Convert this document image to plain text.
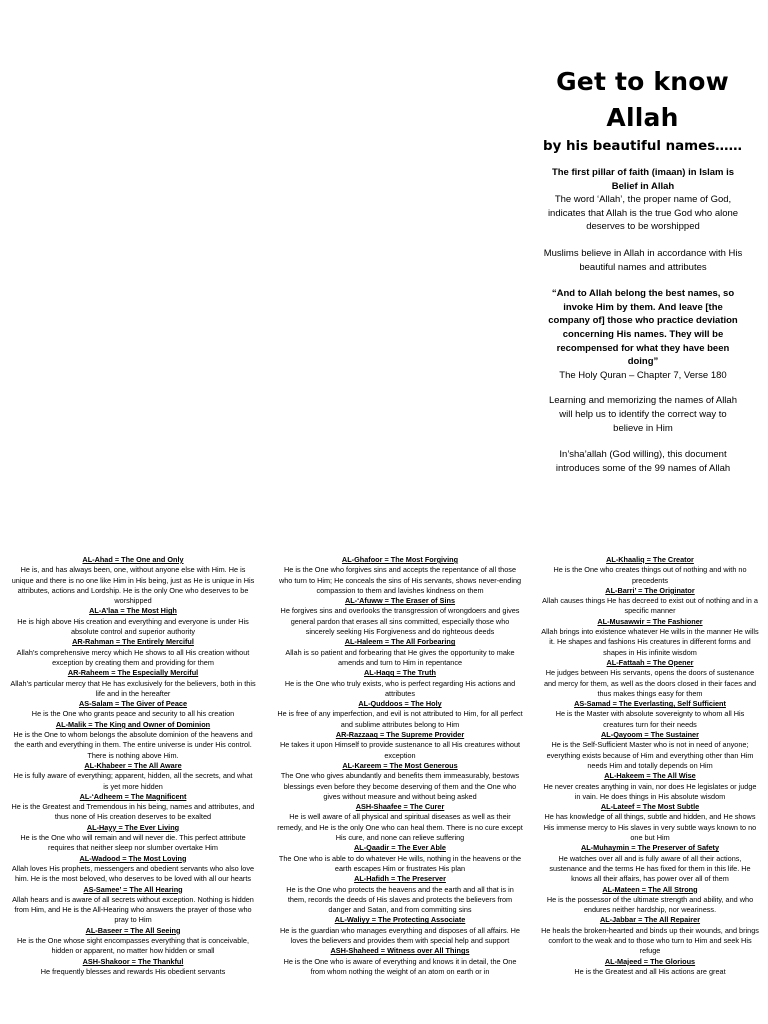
Get to know
Allah
by his beautiful names……

The first pillar of faith (imaan) in Islam is Belief in Allah
The word ‘Allah’, the proper name of God, indicates that Allah is the true God who alone deserves to be worshipped

Muslims believe in Allah in accordance with His beautiful names and attributes

“And to Allah belong the best names, so invoke Him by them. And leave [the company of] those who practice deviation concerning His names. They will be recompensed for what they have been doing”
The Holy Quran – Chapter 7, Verse 180

Learning and memorizing the names of Allah will help us to identify the correct way to believe in Him

In’sha’allah (God willing), this document introduces some of the 99 names of Allah

AL-Ahad = The One and Only
He is, and has always been, one, without anyone else with Him. He is unique and there is no one like Him in His being, just as He is unique in His attributes, actions and Lordship. He is the only One who deserves to be worshipped
AL-A’laa = The Most High
He is high above His creation and everything and everyone is under His absolute control and superior authority
AR-Rahman = The Entirely Merciful
Allah’s comprehensive mercy which He shows to all His creation without exception by creating them and providing for them
AR-Raheem = The Especially Merciful
Allah’s particular mercy that He has exclusively for the believers, both in this life and in the hereafter
AS-Salam = The Giver of Peace
He is the One who grants peace and security to all his creation
AL-Malik = The King and Owner of Dominion
He is the One to whom belongs the absolute dominion of the heavens and the earth and everything in them. The entire universe is under His control. There is nothing above Him.
AL-Khabeer = The All Aware
He is fully aware of everything; apparent, hidden, all the secrets, and what is yet more hidden
AL-‘Adheem = The Magnificent
He is the Greatest and Tremendous in his being, names and attributes, and thus none of His creation deserves to be exalted
AL-Hayy = The Ever Living
He is the One who will remain and will never die. This perfect attribute requires that neither sleep nor slumber overtake Him
AL-Wadood = The Most Loving
Allah loves His prophets, messengers and obedient servants who also love him. He is the most beloved, who deserves to be loved with all our hearts
AS-Samee’ = The All Hearing
Allah hears and is aware of all secrets without exception. Nothing is hidden from Him, and He is the All-Hearing who answers the prayer of those who pray to Him
AL-Baseer = The All Seeing
He is the One whose sight encompasses everything that is conceivable, hidden or apparent, no matter how hidden or small
ASH-Shakoor = The Thankful
He frequently blesses and rewards His obedient servants
AL-Ghafoor = The Most Forgiving
He is the One who forgives sins and accepts the repentance of all those who turn to Him; He conceals the sins of His servants, shows never-ending compassion to them and lavishes kindness on them
AL-‘Afuww = The Eraser of Sins
He forgives sins and overlooks the transgression of wrongdoers and gives general pardon that erases all sins committed, especially those who sincerely seeking His Forgiveness and do righteous deeds
AL-Haleem = The All Forbearing
Allah is so patient and forbearing that He gives the opportunity to make amends and turn to Him in repentance
AL-Haqq = The Truth
He is the One who truly exists, who is perfect regarding His actions and attributes
AL-Quddoos = The Holy
He is free of any imperfection, and evil is not attributed to Him, for all perfect and sublime attributes belong to Him
AR-Razzaaq = The Supreme Provider
He takes it upon Himself to provide sustenance to all His creatures without exception
AL-Kareem = The Most Generous
The One who gives abundantly and benefits them immeasurably, bestows blessings even before they become deserving of them and the One who gives without measure and without being asked
ASH-Shaafee = The Curer
He is well aware of all physical and spiritual diseases as well as their remedy, and He is the only One who can heal them. There is no cure except His cure, and none can relieve suffering
AL-Qaadir = The Ever Able
The One who is able to do whatever He wills, nothing in the heavens or the earth escapes Him or frustrates His plan
AL-Hafidh = The Preserver
He is the One who protects the heavens and the earth and all that is in them, records the deeds of His slaves and protects the believers from danger and Satan, and from committing sins
AL-Waliyy = The Protecting Associate
He is the guardian who manages everything and disposes of all affairs. He loves the believers and provides them with special help and support
ASH-Shaheed = Witness over All Things
He is the One who is aware of everything and knows it in detail, the One from whom nothing the weight of an atom on earth or in
AL-Khaaliq = The Creator
He is the One who creates things out of nothing and with no precedents
AL-Barri’ = The Originator
Allah causes things He has decreed to exist out of nothing and in a specific manner
AL-Musawwir = The Fashioner
Allah brings into existence whatever He wills in the manner He wills it. He shapes and fashions His creatures in different forms and shapes in His infinite wisdom
AL-Fattaah = The Opener
He judges between His servants, opens the doors of sustenance and mercy for them, as well as the doors closed in their faces and thus makes things easy for them
AS-Samad = The Everlasting, Self Sufficient
He is the Master with absolute sovereignty to whom all His creatures turn for their needs
AL-Qayoom = The Sustainer
He is the Self-Sufficient Master who is not in need of anyone; everything exists because of Him and everything other than Him needs Him and totally depends on Him
AL-Hakeem = The All Wise
He never creates anything in vain, nor does He legislates or judge in vain. He does things in His absolute wisdom
AL-Lateef = The Most Subtle
He has knowledge of all things, subtle and hidden, and He shows His immense mercy to His slaves in very subtle ways known to no one but Him
AL-Muhaymin = The Preserver of Safety
He watches over all and is fully aware of all their actions, sustenance and the terms He has fixed for them in this life. He knows all their affairs, has power over all of them
AL-Mateen = The All Strong
He is the possessor of the ultimate strength and ability, and who endures neither hardship, nor weariness.
AL-Jabbar = The All Repairer
He heals the broken-hearted and binds up their wounds, and brings comfort to the weak and to those who turn to Him and seek His refuge
AL-Majeed = The Glorious
He is the Greatest and all His actions are great
